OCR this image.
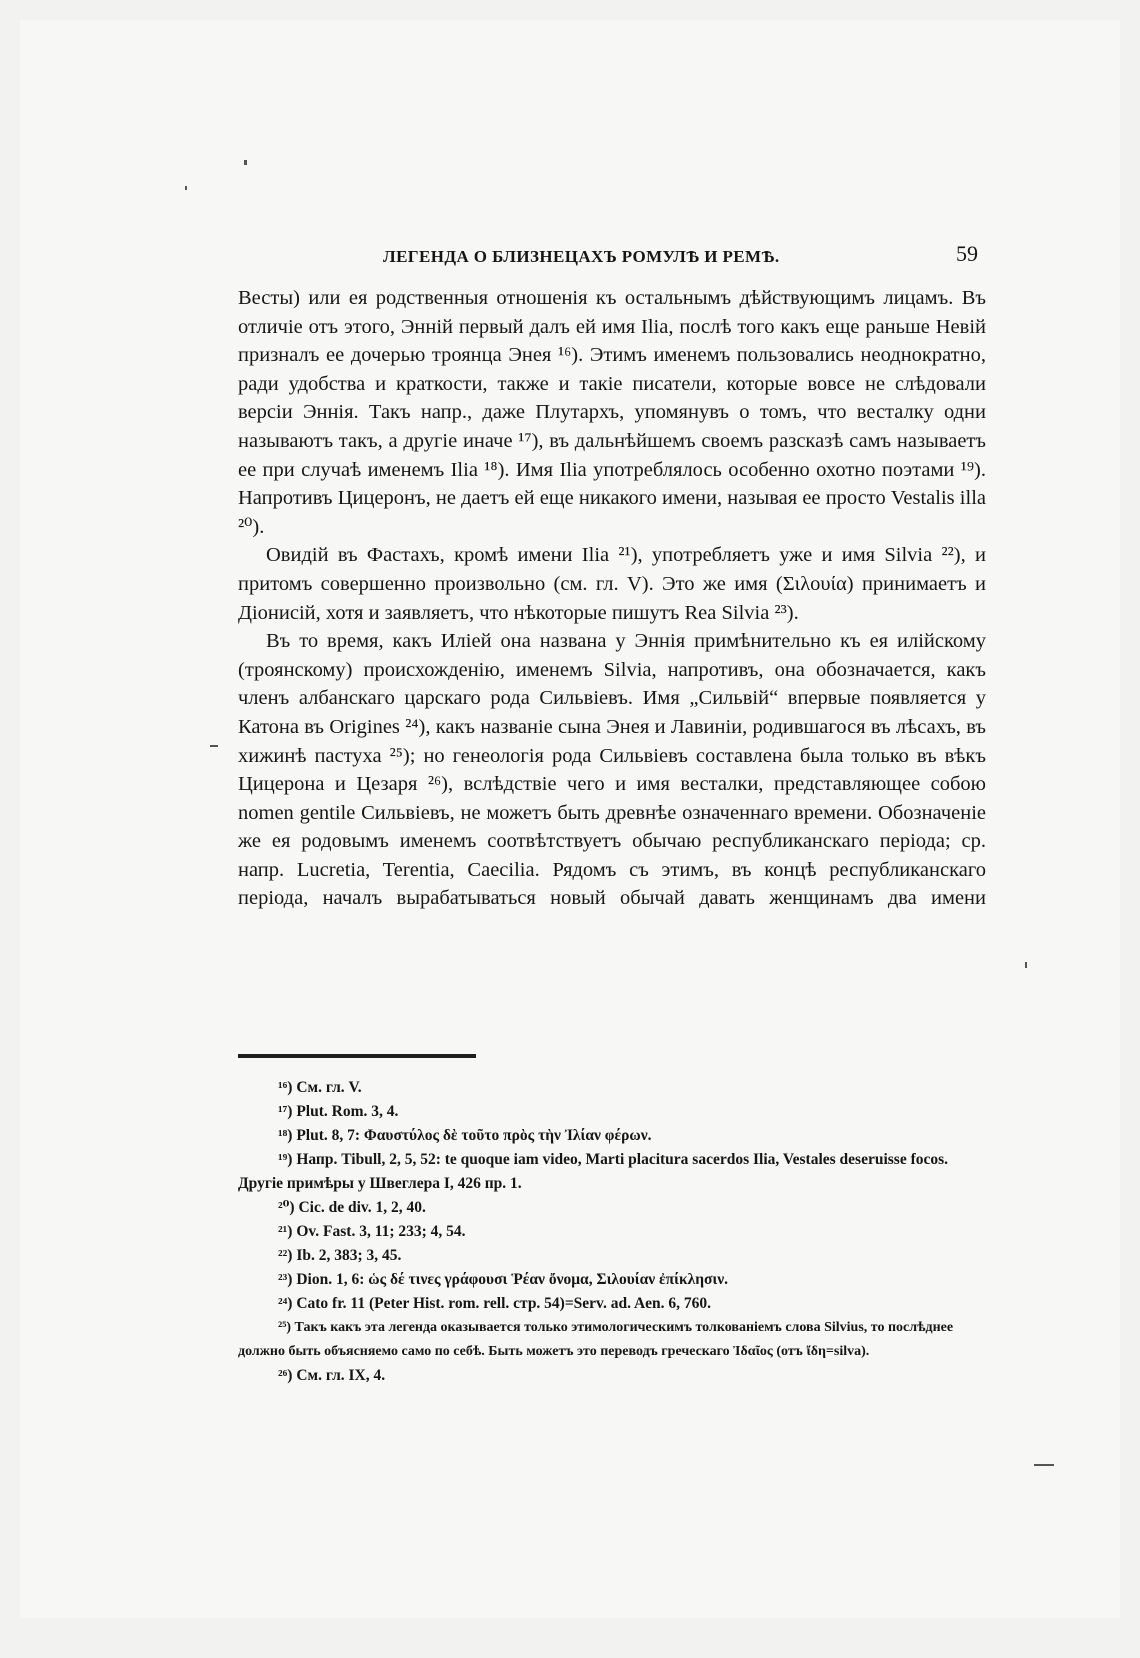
ЛЕГЕНДА О БЛИЗНЕЦАХЪ РОМУЛѢ И РЕМѢ.	59

Весты) или ея родственныя отношенія къ остальнымъ дѣйствующимъ лицамъ. Въ отличіе отъ этого, Энній первый далъ ей имя Ilia, послѣ того какъ еще раньше Невій призналъ ее дочерью троянца Энея ¹⁶). Этимъ именемъ пользовались неоднократно, ради удобства и краткости, также и такіе писатели, которые вовсе не слѣдовали версіи Эннія. Такъ напр., даже Плутархъ, упомянувъ о томъ, что весталку одни называютъ такъ, а другіе иначе ¹⁷), въ дальнѣйшемъ своемъ разсказѣ самъ называетъ ее при случаѣ именемъ Ilia ¹⁸). Имя Ilia употреблялось особенно охотно поэтами ¹⁹). Напротивъ Цицеронъ, не даетъ ей еще никакого имени, называя ее просто Vestalis illa ²⁰).

Овидій въ Фастахъ, кромѣ имени Ilia ²¹), употребляетъ уже и имя Silvia ²²), и притомъ совершенно произвольно (см. гл. V). Это же имя (Σιλουία) принимаетъ и Діонисій, хотя и заявляетъ, что нѣкоторые пишутъ Rea Silvia ²³).

Въ то время, какъ Иліей она названа у Эннія примѣнительно къ ея илійскому (троянскому) происхожденію, именемъ Silvia, напротивъ, она обозначается, какъ членъ албанскаго царскаго рода Сильвіевъ. Имя „Сильвій“ впервые появляется у Катона въ Origines ²⁴), какъ названіе сына Энея и Лавиніи, родившагося въ лѣсахъ, въ хижинѣ пастуха ²⁵); но генеологія рода Сильвіевъ составлена была только въ вѣкъ Цицерона и Цезаря ²⁶), вслѣдствіе чего и имя весталки, представляющее собою nomen gentile Сильвіевъ, не можетъ быть древнѣе означеннаго времени. Обозначеніе же ея родовымъ именемъ соотвѣтствуетъ обычаю республиканскаго періода; ср. напр. Lucretia, Terentia, Caecilia. Рядомъ съ этимъ, въ концѣ республиканскаго періода, началъ вырабатываться новый обычай давать женщинамъ два имени

¹⁶) См. гл. V.

¹⁷) Plut. Rom. 3, 4.

¹⁸) Plut. 8, 7: Φαυστύλος δὲ τοῦτο πρὸς τὴν Ἰλίαν φέρων.

¹⁹) Напр. Tibull, 2, 5, 52: te quoque iam video, Marti placitura sacerdos Ilia, Vestales deseruisse focos. Другіе примѣры у Швеглера I, 426 пр. 1.

²⁰) Cic. de div. 1, 2, 40.

²¹) Ov. Fast. 3, 11; 233; 4, 54.

²²) Ib. 2, 383; 3, 45.

²³) Dion. 1, 6: ὡς δέ τινες γράφουσι Ῥέαν ὄνομα, Σιλουίαν ἐπίκλησιν.

²⁴) Cato fr. 11 (Peter Hist. rom. rell. стр. 54)=Serv. ad. Aen. 6, 760.

²⁵) Такъ какъ эта легенда оказывается только этимологическимъ толкованіемъ слова Silvius, то послѣднее должно быть объясняемо само по себѣ. Быть можетъ это переводъ греческаго Ἰδαῖος (отъ ἴδη=silva).

²⁶) См. гл. IX, 4.
